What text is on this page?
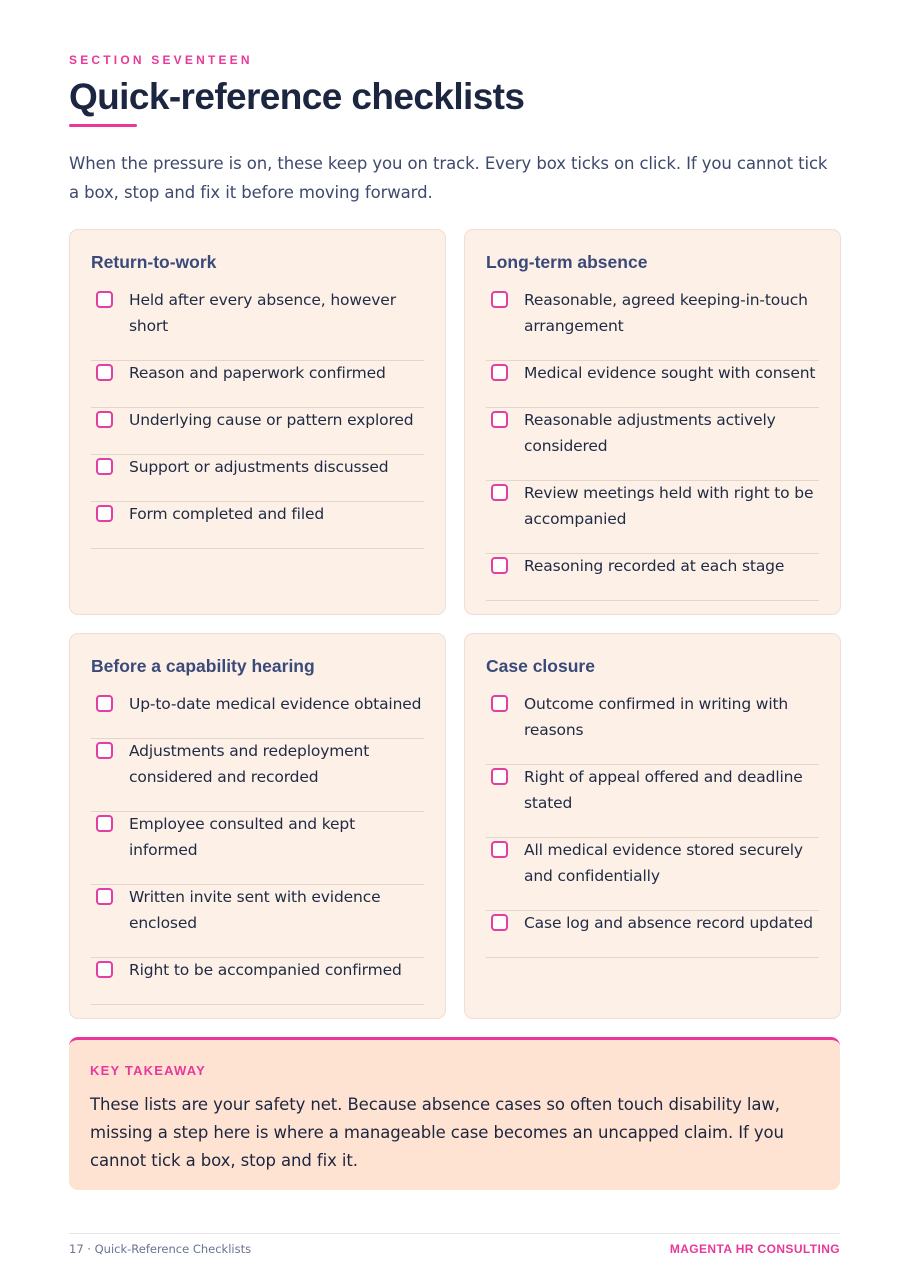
SECTION SEVENTEEN
Quick-reference checklists

When the pressure is on, these keep you on track. Every box ticks on click. If you cannot tick a box, stop and fix it before moving forward.

Return-to-work
Held after every absence, however short
Reason and paperwork confirmed
Underlying cause or pattern explored
Support or adjustments discussed
Form completed and filed
Long-term absence
Reasonable, agreed keeping-in-touch arrangement
Medical evidence sought with consent
Reasonable adjustments actively considered
Review meetings held with right to be accompanied
Reasoning recorded at each stage
Before a capability hearing
Up-to-date medical evidence obtained
Adjustments and redeployment considered and recorded
Employee consulted and kept informed
Written invite sent with evidence enclosed
Right to be accompanied confirmed
Case closure
Outcome confirmed in writing with reasons
Right of appeal offered and deadline stated
All medical evidence stored securely and confidentially
Case log and absence record updated
KEY TAKEAWAY

These lists are your safety net. Because absence cases so often touch disability law, missing a step here is where a manageable case becomes an uncapped claim. If you cannot tick a box, stop and fix it.

17 · Quick-Reference Checklists	MAGENTA HR CONSULTING
